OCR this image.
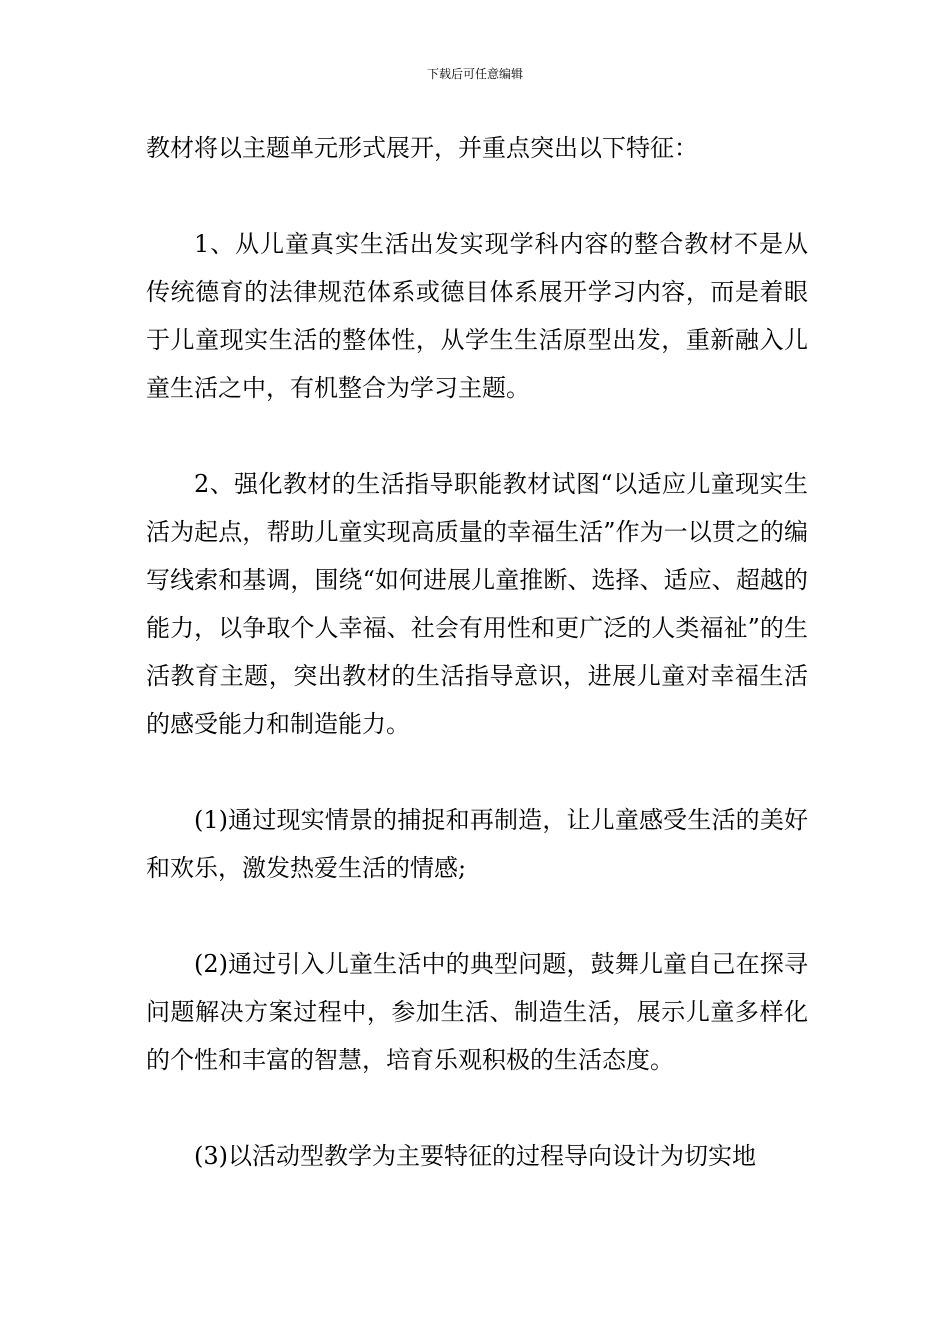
下载后可任意编辑

教材将以主题单元形式展开，并重点突出以下特征：

1、从儿童真实生活出发实现学科内容的整合教材不是从传统德育的法律规范体系或德目体系展开学习内容，而是着眼于儿童现实生活的整体性，从学生生活原型出发，重新融入儿童生活之中，有机整合为学习主题。

2、强化教材的生活指导职能教材试图“以适应儿童现实生活为起点，帮助儿童实现高质量的幸福生活”作为一以贯之的编写线索和基调，围绕“如何进展儿童推断、选择、适应、超越的能力，以争取个人幸福、社会有用性和更广泛的人类福祉”的生活教育主题，突出教材的生活指导意识，进展儿童对幸福生活的感受能力和制造能力。

(1)通过现实情景的捕捉和再制造，让儿童感受生活的美好和欢乐，激发热爱生活的情感;

(2)通过引入儿童生活中的典型问题，鼓舞儿童自己在探寻问题解决方案过程中，参加生活、制造生活，展示儿童多样化的个性和丰富的智慧，培育乐观积极的生活态度。

(3)以活动型教学为主要特征的过程导向设计为切实地
